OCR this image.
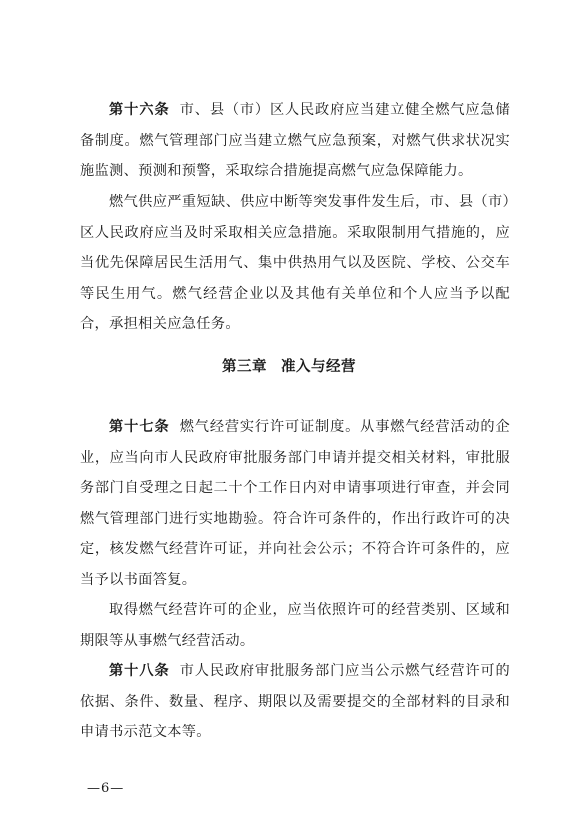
第十六条 市、县（市）区人民政府应当建立健全燃气应急储备制度。燃气管理部门应当建立燃气应急预案，对燃气供求状况实施监测、预测和预警，采取综合措施提高燃气应急保障能力。

燃气供应严重短缺、供应中断等突发事件发生后，市、县（市）区人民政府应当及时采取相关应急措施。采取限制用气措施的，应当优先保障居民生活用气、集中供热用气以及医院、学校、公交车等民生用气。燃气经营企业以及其他有关单位和个人应当予以配合，承担相关应急任务。

第三章 准入与经营

第十七条 燃气经营实行许可证制度。从事燃气经营活动的企业，应当向市人民政府审批服务部门申请并提交相关材料，审批服务部门自受理之日起二十个工作日内对申请事项进行审查，并会同燃气管理部门进行实地勘验。符合许可条件的，作出行政许可的决定，核发燃气经营许可证，并向社会公示；不符合许可条件的，应当予以书面答复。

取得燃气经营许可的企业，应当依照许可的经营类别、区域和期限等从事燃气经营活动。

第十八条 市人民政府审批服务部门应当公示燃气经营许可的依据、条件、数量、程序、期限以及需要提交的全部材料的目录和申请书示范文本等。

—6—
